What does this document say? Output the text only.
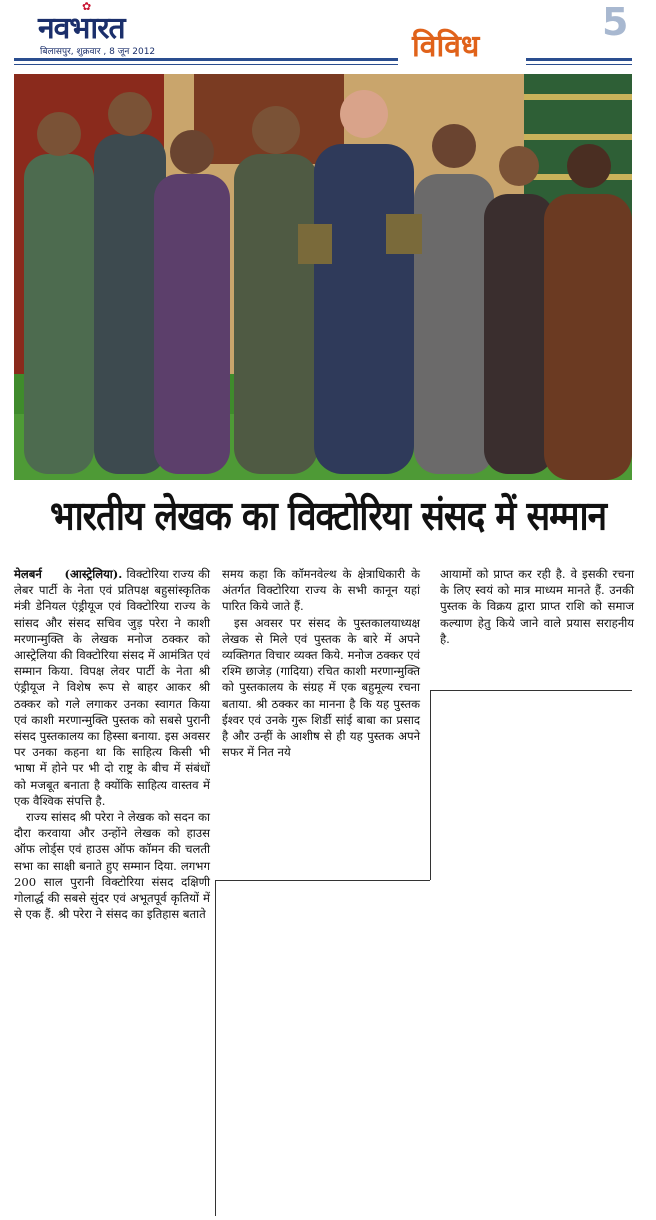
✿
नवभारत
बिलासपुर, शुक्रवार , 8 जून 2012	विविध
5
भारतीय लेखक का विक्टोरिया संसद में सम्मान

मेलबर्न (आस्ट्रेलिया). विक्टोरिया राज्य की लेबर पार्टी के नेता एवं प्रतिपक्ष बहुसांस्कृतिक मंत्री डेनियल एंड्रीयूज एवं विक्टोरिया राज्य के सांसद और संसद सचिव जुड़ परेरा ने काशी मरणान्मुक्ति के लेखक मनोज ठक्कर को आस्ट्रेलिया की विक्टोरिया संसद में आमंत्रित एवं सम्मान किया. विपक्ष लेवर पार्टी के नेता श्री एंड्रीयूज ने विशेष रूप से बाहर आकर श्री ठक्कर को गले लगाकर उनका स्वागत किया एवं काशी मरणान्मुक्ति पुस्तक को सबसे पुरानी संसद पुस्तकालय का हिस्सा बनाया. इस अवसर पर उनका कहना था कि साहित्य किसी भी भाषा में होने पर भी दो राष्ट्र के बीच में संबंधों को मजबूत बनाता है क्योंकि साहित्य वास्तव में एक वैश्विक संपत्ति है.

राज्य सांसद श्री परेरा ने लेखक को सदन का दौरा करवाया और उन्होंने लेखक को हाउस ऑफ लोर्ड्स एवं हाउस ऑफ कॉमन की चलती सभा का साक्षी बनाते हुए सम्मान दिया. लगभग 200 साल पुरानी विक्टोरिया संसद दक्षिणी गोलार्द्ध की सबसे सुंदर एवं अभूतपूर्व कृतियों में से एक हैं. श्री परेरा ने संसद का इतिहास बताते

समय कहा कि कॉमनवेल्थ के क्षेत्राधिकारी के अंतर्गत विक्टोरिया राज्य के सभी कानून यहां पारित किये जाते हैं.

इस अवसर पर संसद के पुस्तकालयाध्यक्ष लेखक से मिले एवं पुस्तक के बारे में अपने व्यक्तिगत विचार व्यक्त किये. मनोज ठक्कर एवं रश्मि छाजेड़ (गादिया) रचित काशी मरणान्मुक्ति को पुस्तकालय के संग्रह में एक बहुमूल्य रचना बताया. श्री ठक्कर का मानना है कि यह पुस्तक ईश्वर एवं उनके गुरू शिर्डी सांई बाबा का प्रसाद है और उन्हीं के आशीष से ही यह पुस्तक अपने सफर में नित नये

आयामों को प्राप्त कर रही है. वे इसकी रचना के लिए स्वयं को मात्र माध्यम मानते हैं. उनकी पुस्तक के विक्रय द्वारा प्राप्त राशि को समाज कल्याण हेतु किये जाने वाले प्रयास सराहनीय है.
